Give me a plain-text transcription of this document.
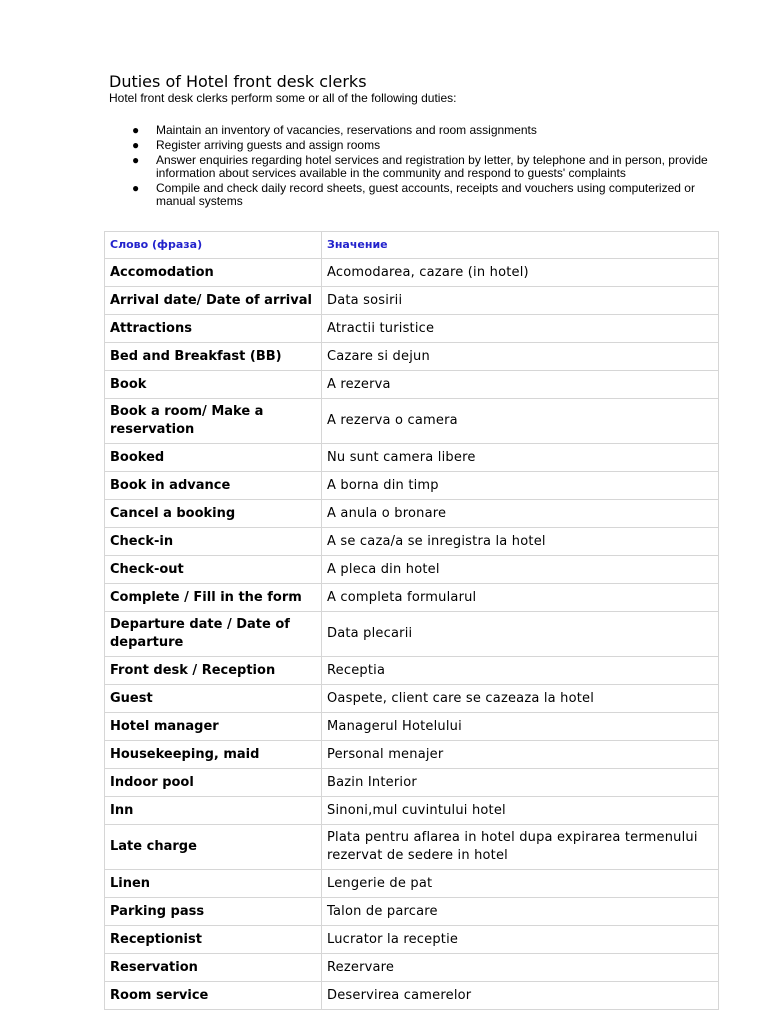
Duties of Hotel front desk clerks

Hotel front desk clerks perform some or all of the following duties:

● Maintain an inventory of vacancies, reservations and room assignments
● Register arriving guests and assign rooms
● Answer enquiries regarding hotel services and registration by letter, by telephone and in person, provide information about services available in the community and respond to guests' complaints
● Compile and check daily record sheets, guest accounts, receipts and vouchers using computerized or manual systems
Слово (фраза)	Значение
Accomodation	Acomodarea, cazare (in hotel)
Arrival date/ Date of arrival	Data sosirii
Attractions	Atractii turistice
Bed and Breakfast (BB)	Cazare si dejun
Book	A rezerva
Book a room/ Make a reservation	A rezerva o camera
Booked	Nu sunt camera libere
Book in advance	A borna din timp
Cancel a booking	A anula o bronare
Check-in	A se caza/a se inregistra la hotel
Check-out	A pleca din hotel
Complete / Fill in the form	A completa formularul
Departure date / Date of departure	Data plecarii
Front desk / Reception	Receptia
Guest	Oaspete, client care se cazeaza la hotel
Hotel manager	Managerul Hotelului
Housekeeping, maid	Personal menajer
Indoor pool	Bazin Interior
Inn	Sinoni,mul cuvintului hotel
Late charge	Plata pentru aflarea in hotel dupa expirarea termenului rezervat de sedere in hotel
Linen	Lengerie de pat
Parking pass	Talon de parcare
Receptionist	Lucrator la receptie
Reservation	Rezervare
Room service	Deservirea camerelor
